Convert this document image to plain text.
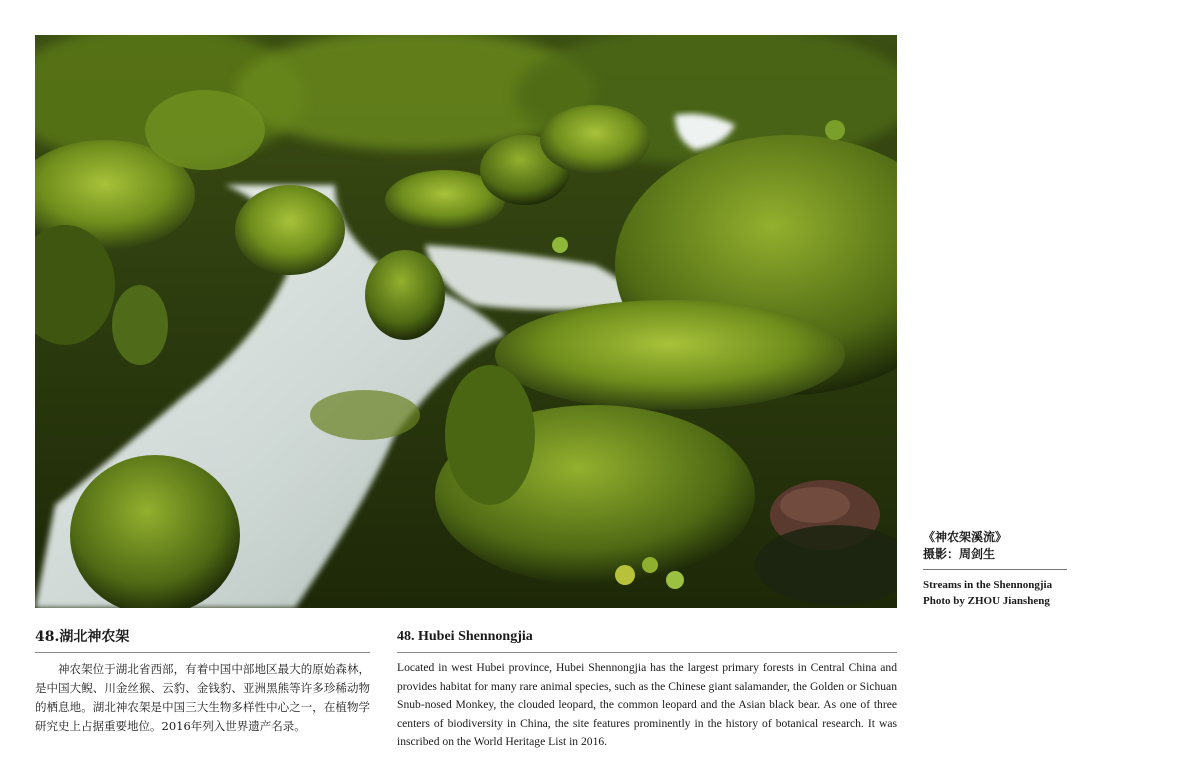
《神农架溪流》
摄影：周剑生
Streams in the Shennongjia
Photo by ZHOU Jiansheng
48.湖北神农架

神农架位于湖北省西部，有着中国中部地区最大的原始森林，是中国大鲵、川金丝猴、云豹、金钱豹、亚洲黑熊等许多珍稀动物的栖息地。湖北神农架是中国三大生物多样性中心之一，在植物学研究史上占据重要地位。2016年列入世界遗产名录。

48. Hubei Shennongjia

Located in west Hubei province, Hubei Shennongjia has the largest primary forests in Central China and provides habitat for many rare animal species, such as the Chinese giant salamander, the Golden or Sichuan Snub-nosed Monkey, the clouded leopard, the common leopard and the Asian black bear. As one of three centers of biodiversity in China, the site features prominently in the history of botanical research. It was inscribed on the World Heritage List in 2016.
